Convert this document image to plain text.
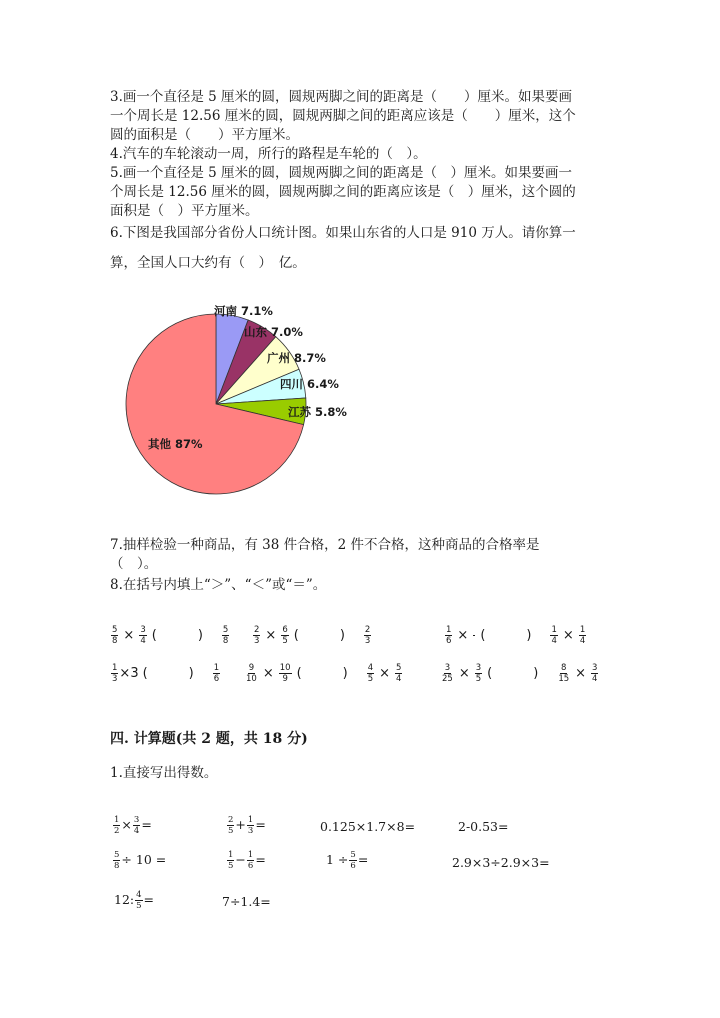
3.画一个直径是 5 厘米的圆，圆规两脚之间的距离是（　　）厘米。如果要画
一个周长是 12.56 厘米的圆，圆规两脚之间的距离应该是（　　）厘米，这个
圆的面积是（　　）平方厘米。
4.汽车的车轮滚动一周，所行的路程是车轮的（　）。
5.画一个直径是 5 厘米的圆，圆规两脚之间的距离是（　）厘米。如果要画一
个周长是 12.56 厘米的圆，圆规两脚之间的距离应该是（　）厘米，这个圆的
面积是（　）平方厘米。
6.下图是我国部分省份人口统计图。如果山东省的人口是 910 万人。请你算一
算，全国人口大约有（　）　亿。
河南 7.1%
山东 7.0%
广州 8.7%
四川 6.4%
江苏 5.8%
其他 87%
7.抽样检验一种商品，有 38 件合格，2 件不合格，这种商品的合格率是
（　）。
8.在括号内填上“＞”、“＜”或“＝”。
$\frac{5}{8} \times \frac{3}{4}$ (　) $\frac{5}{8}$	$\frac{2}{3} \times \frac{6}{5}$ (　) $\frac{2}{3}$	$\frac{1}{6}$ × (　) $\frac{1}{4} \times \frac{1}{4}$
$\frac{1}{3} \times 3$ (　) $\frac{1}{6}$	$\frac{9}{10} \times \frac{10}{9}$ (　) $\frac{4}{5} \times \frac{5}{4}$	$\frac{3}{25} \times \frac{3}{5}$ (　) $\frac{8}{15} \times \frac{3}{4}$
四. 计算题(共 2 题，共 18 分)
1.直接写出得数。
$\frac{1}{2} \times \frac{3}{4}$ =	$\frac{2}{5} + \frac{1}{3}$ =	0.125×1.7×8=	2-0.53=
$\frac{5}{8} \div 10$ =	$\frac{1}{5} - \frac{1}{6}$ =	$1 \div \frac{5}{6}$ =	2.9×3÷2.9×3=
12: $\frac{4}{5}$ =	7÷1.4=
